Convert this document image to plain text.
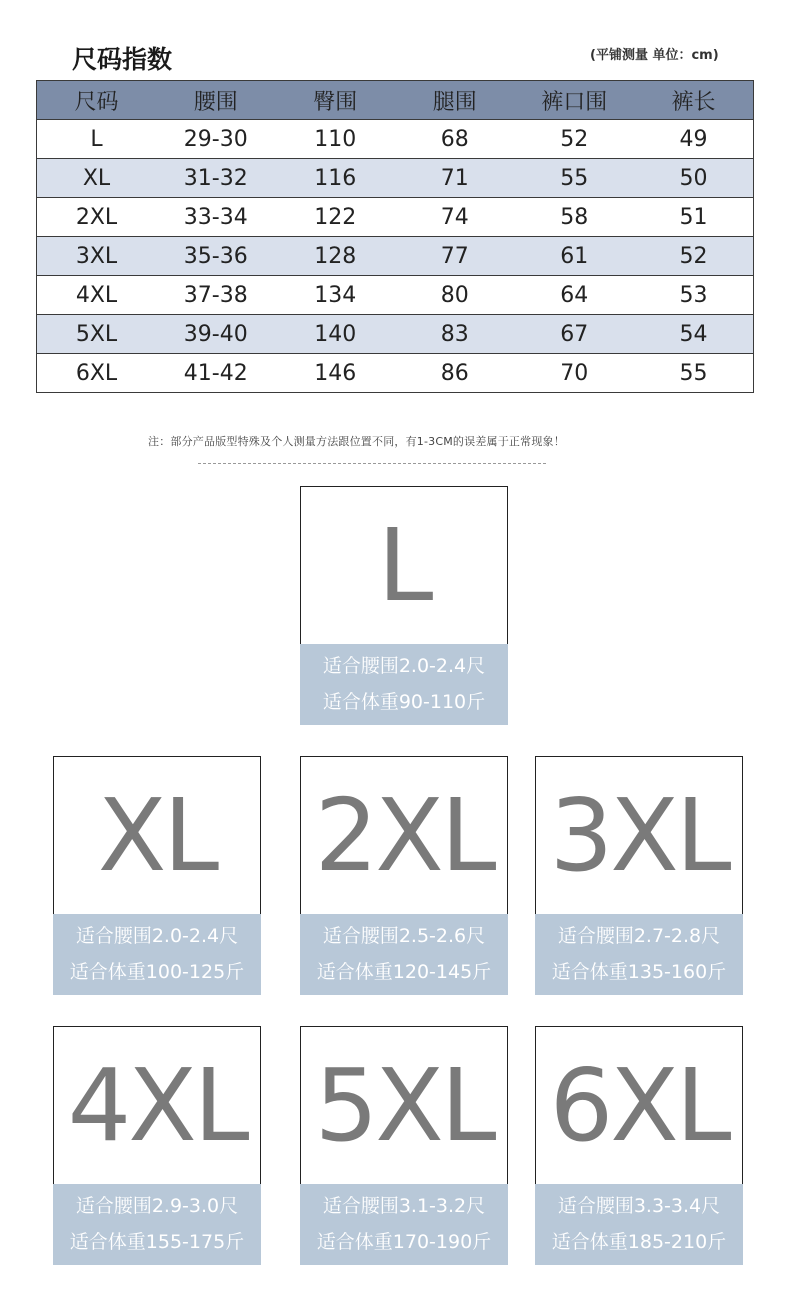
尺码指数	(平铺测量 单位：cm)
尺码	腰围	臀围	腿围	裤口围	裤长
L	29-30	110	68	52	49
XL	31-32	116	71	55	50
2XL	33-34	122	74	58	51
3XL	35-36	128	77	61	52
4XL	37-38	134	80	64	53
5XL	39-40	140	83	67	54
6XL	41-42	146	86	70	55
注：部分产品版型特殊及个人测量方法跟位置不同，有1-3CM的误差属于正常现象！
L
适合腰围2.0-2.4尺
适合体重90-110斤
XL
适合腰围2.0-2.4尺
适合体重100-125斤
2XL
适合腰围2.5-2.6尺
适合体重120-145斤
3XL
适合腰围2.7-2.8尺
适合体重135-160斤
4XL
适合腰围2.9-3.0尺
适合体重155-175斤
5XL
适合腰围3.1-3.2尺
适合体重170-190斤
6XL
适合腰围3.3-3.4尺
适合体重185-210斤
